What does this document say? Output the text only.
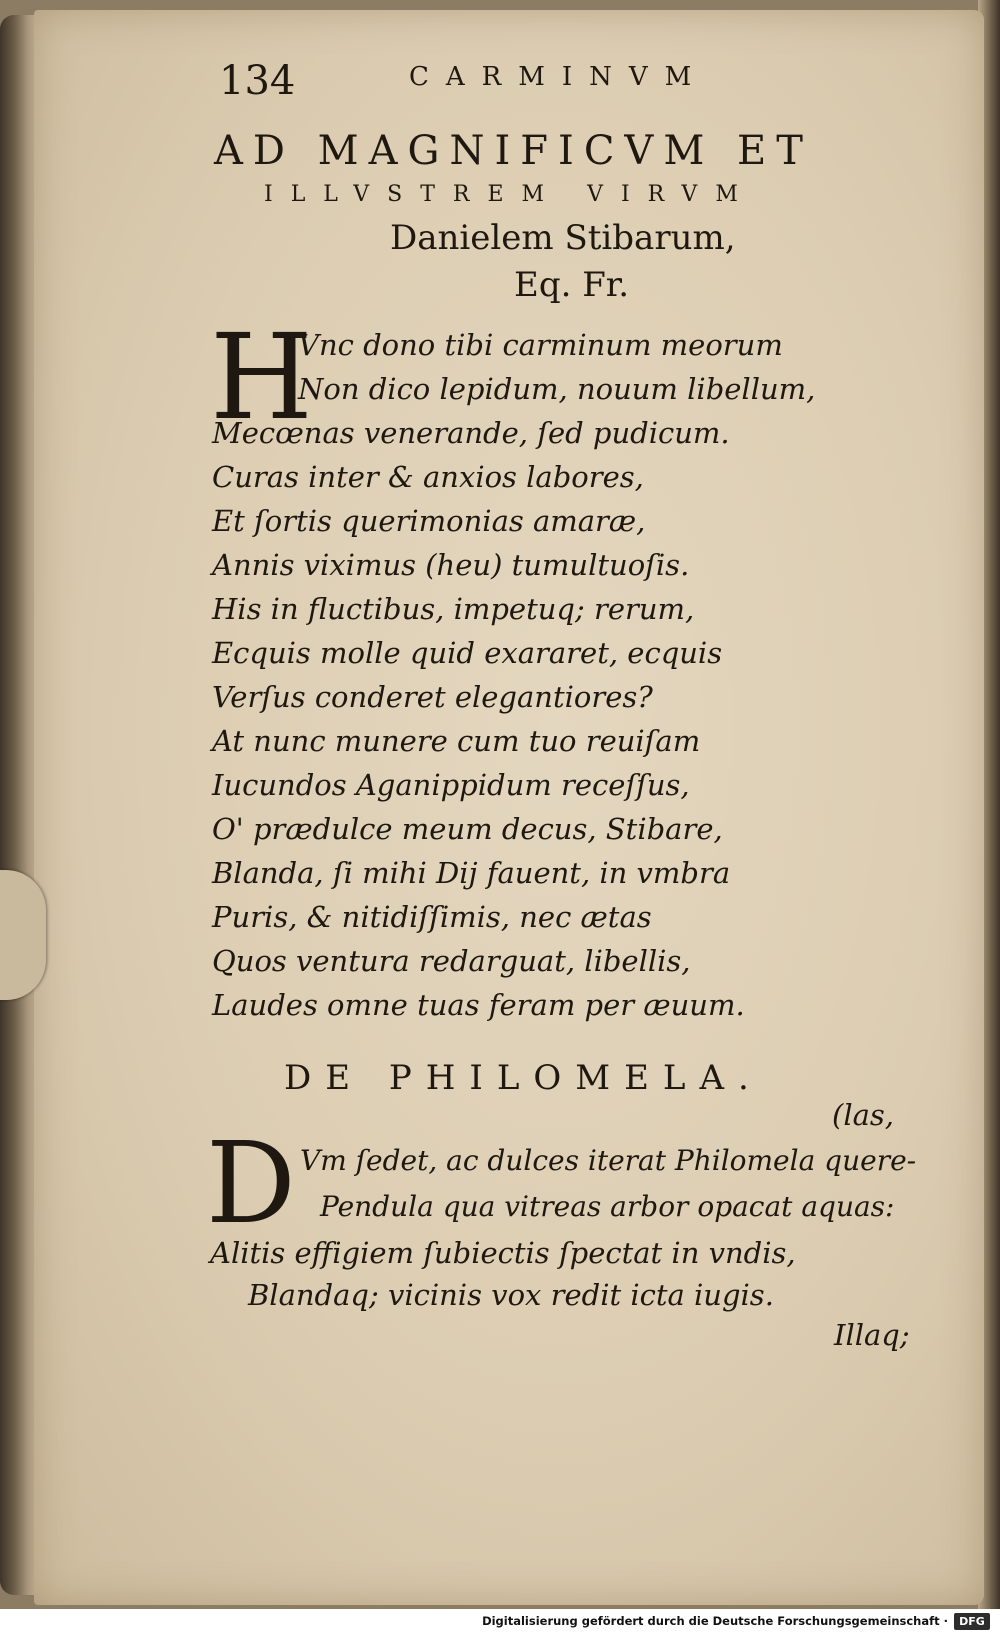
134	CARMINVM
AD MAGNIFICVM ET
ILLVSTREM VIRVM
Danielem Stibarum,
Eq. Fr.
H
Vnc dono tibi carminum meorum
Non dico lepidum, nouum libellum,
Mecœnas venerande, ſed pudicum.
Curas inter & anxios labores,
Et ſortis querimonias amaræ,
Annis viximus (heu) tumultuoſis.
His in fluctibus, impetuq; rerum,
Ecquis molle quid exararet, ecquis
Verſus conderet elegantiores?
At nunc munere cum tuo reuiſam
Iucundos Aganippidum receſſus,
O' prædulce meum decus, Stibare,
Blanda, ſi mihi Dij fauent, in vmbra
Puris, & nitidiſſimis, nec ætas
Quos ventura redarguat, libellis,
Laudes omne tuas feram per æuum.
DE PHILOMELA.
(las,
D Vm ſedet, ac dulces iterat Philomela quere-
Pendula qua vitreas arbor opacat aquas:
Alitis effigiem ſubiectis ſpectat in vndis,
Blandaq; vicinis vox redit icta iugis.
Illaq;
Digitalisierung gefördert durch die Deutsche Forschungsgemeinschaft ·	DFG
